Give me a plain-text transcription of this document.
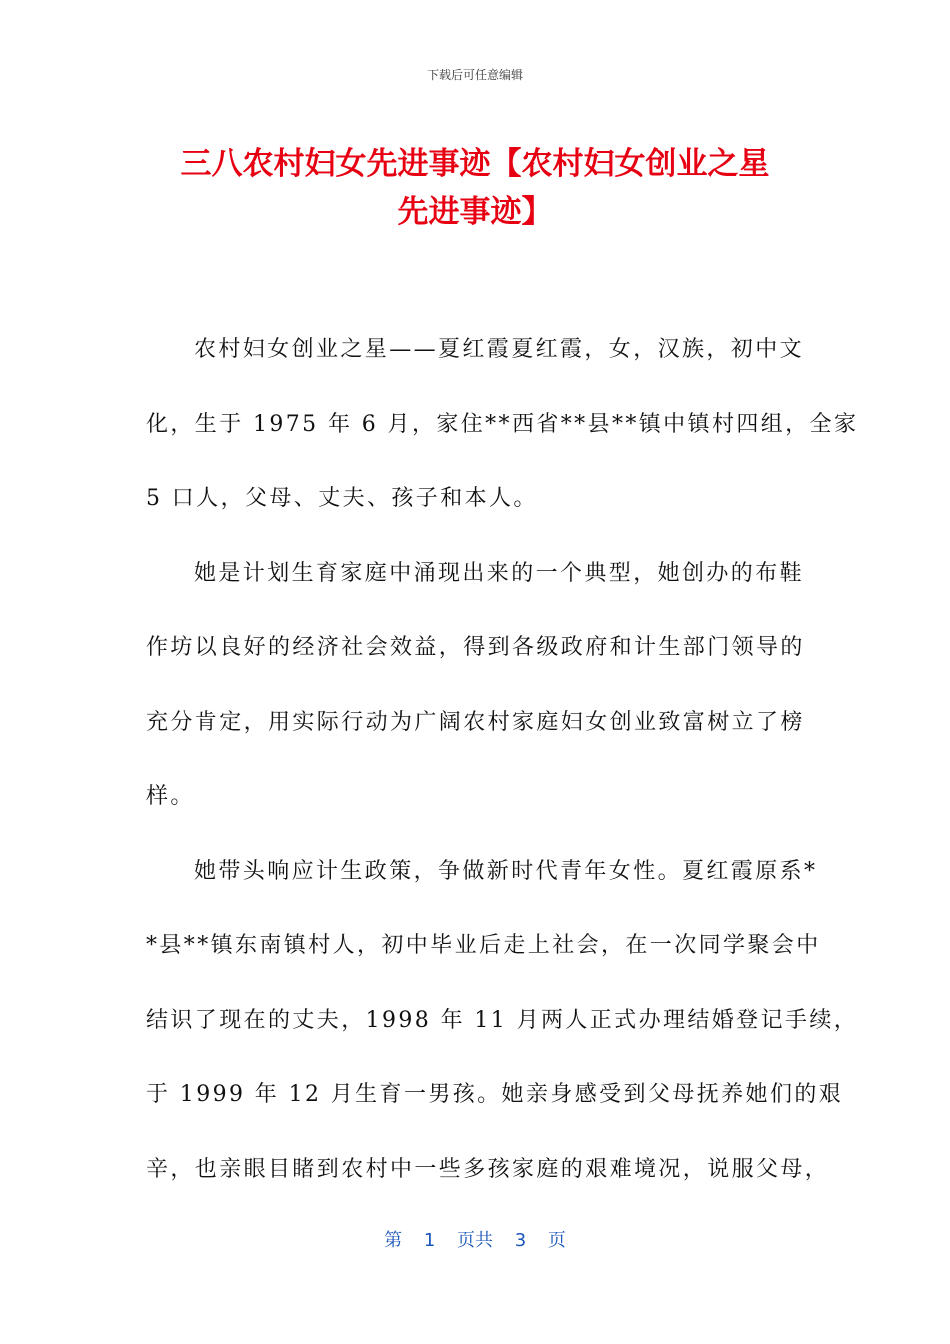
下载后可任意编辑
三八农村妇女先进事迹【农村妇女创业之星
先进事迹】
农村妇女创业之星——夏红霞夏红霞，女，汉族，初中文
化，生于 1975 年 6 月，家住**西省**县**镇中镇村四组，全家
5 口人，父母、丈夫、孩子和本人。
她是计划生育家庭中涌现出来的一个典型，她创办的布鞋
作坊以良好的经济社会效益，得到各级政府和计生部门领导的
充分肯定，用实际行动为广阔农村家庭妇女创业致富树立了榜
样。
她带头响应计生政策，争做新时代青年女性。夏红霞原系*
*县**镇东南镇村人，初中毕业后走上社会，在一次同学聚会中
结识了现在的丈夫，1998 年 11 月两人正式办理结婚登记手续，
于 1999 年 12 月生育一男孩。她亲身感受到父母抚养她们的艰
辛，也亲眼目睹到农村中一些多孩家庭的艰难境况，说服父母，
第 1 页共 3 页
